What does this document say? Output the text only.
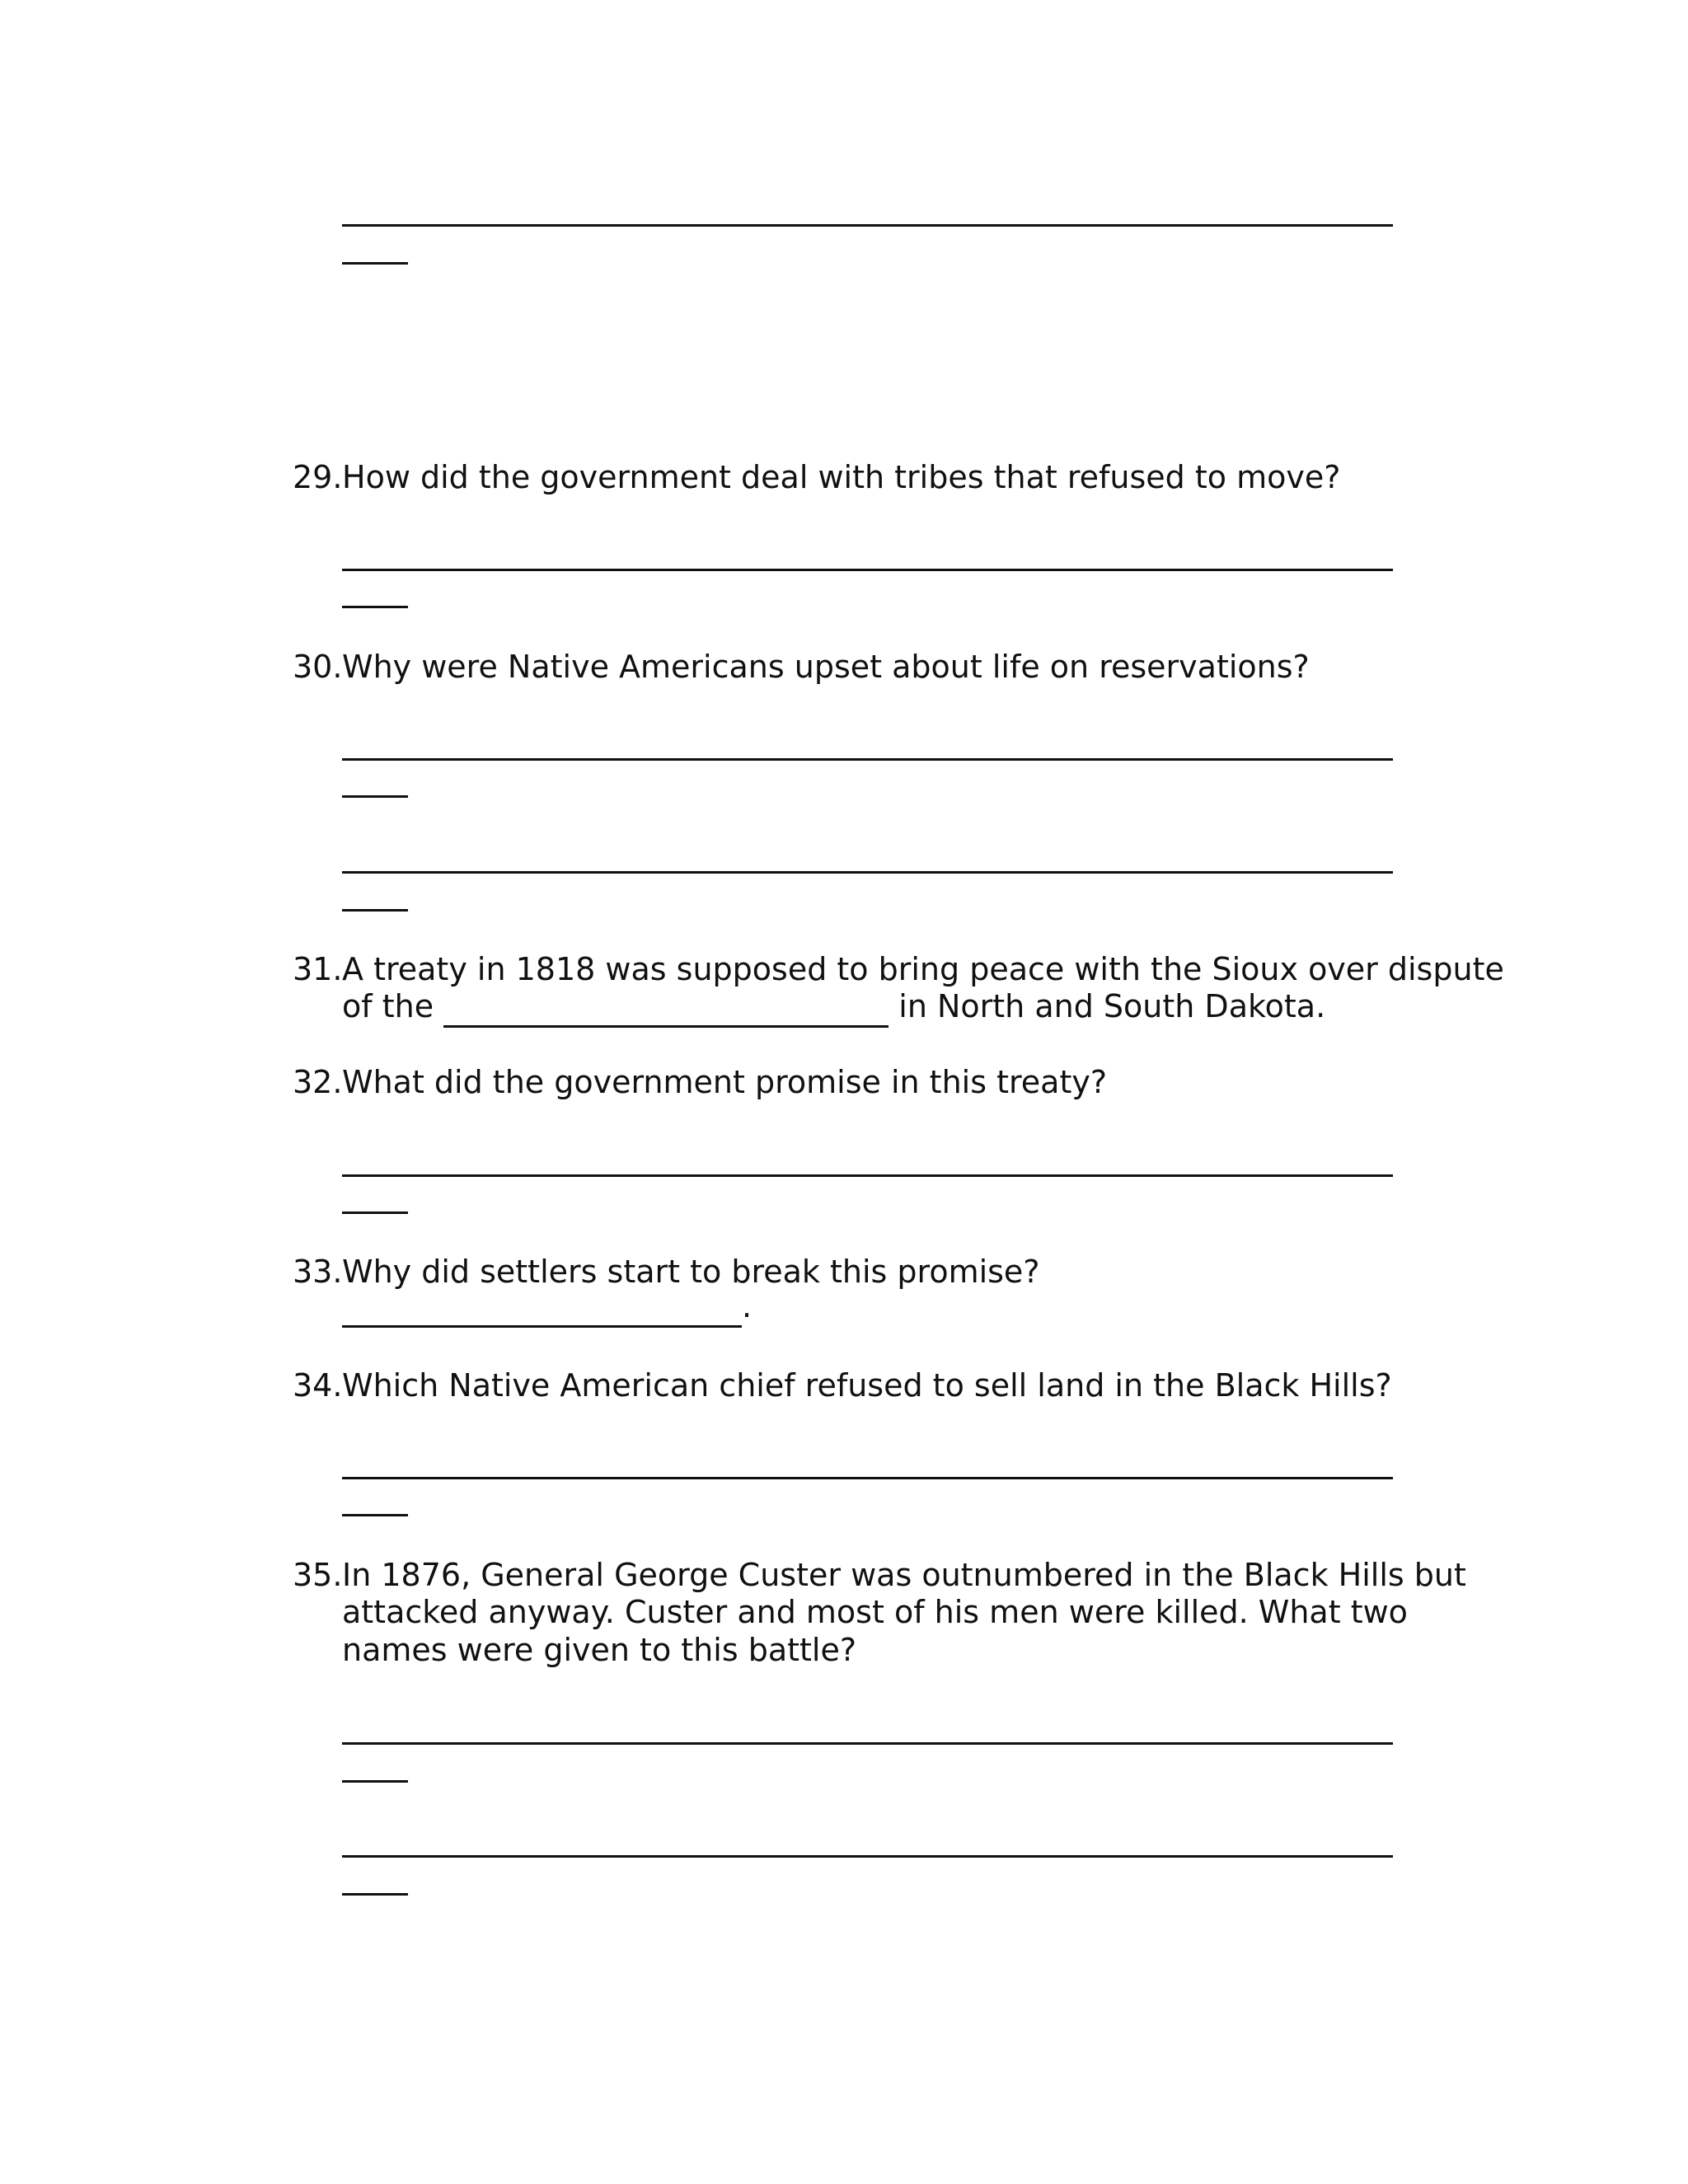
29.How did the government deal with tribes that refused to move?
30.Why were Native Americans upset about life on reservations?
31.A treaty in 1818 was supposed to bring peace with the Sioux over dispute
of the	in North and South Dakota.
32.What did the government promise in this treaty?
33.Why did settlers start to break this promise?
.
34.Which Native American chief refused to sell land in the Black Hills?
35.In 1876, General George Custer was outnumbered in the Black Hills but
attacked anyway. Custer and most of his men were killed. What two
names were given to this battle?
